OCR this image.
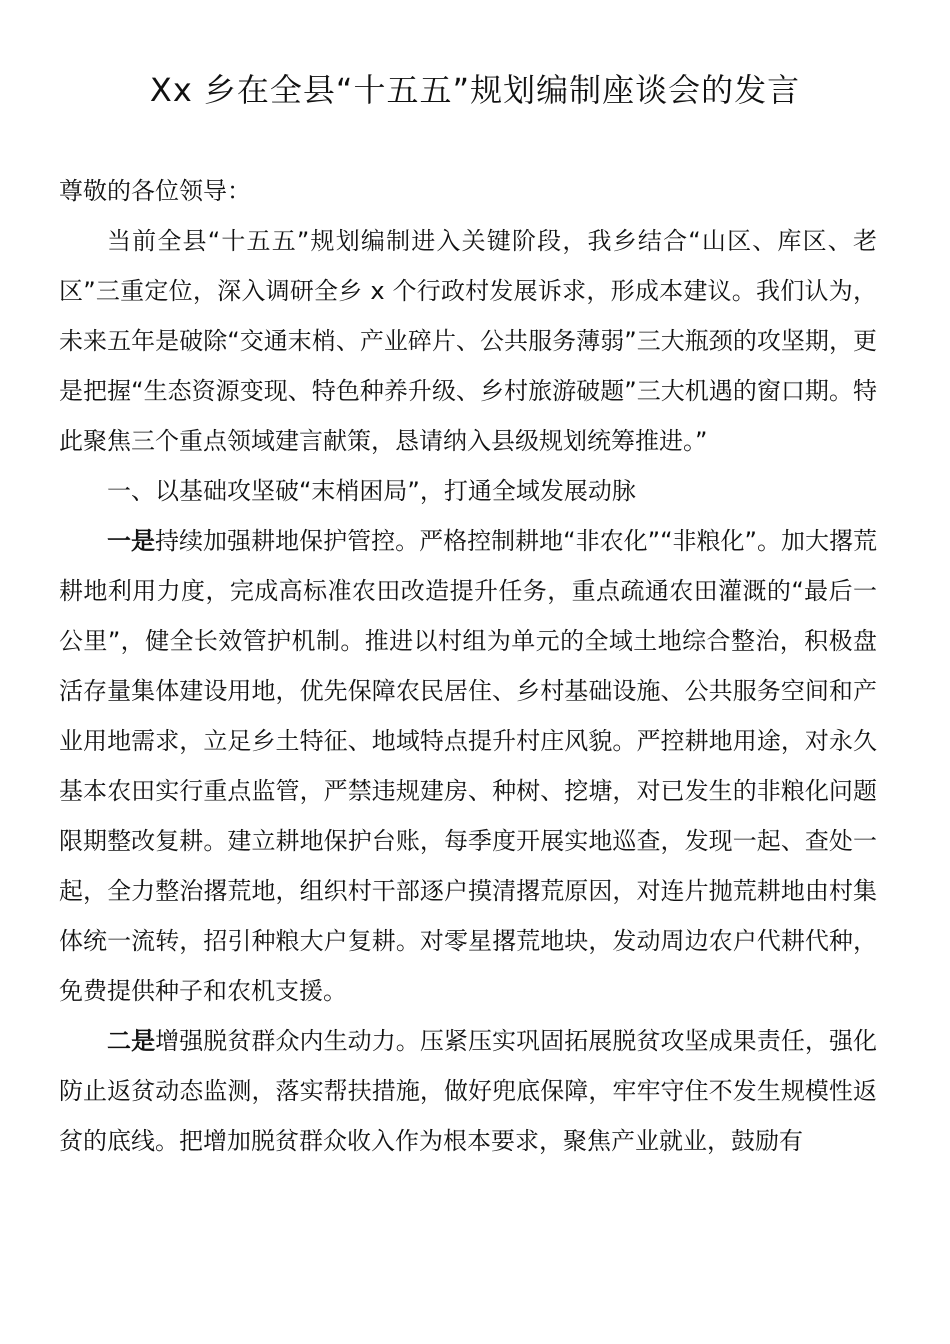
Xx 乡在全县“十五五”规划编制座谈会的发言
尊敬的各位领导：

当前全县“十五五”规划编制进入关键阶段，我乡结合“山区、库区、老区”三重定位，深入调研全乡 x 个行政村发展诉求，形成本建议。我们认为，未来五年是破除“交通末梢、产业碎片、公共服务薄弱”三大瓶颈的攻坚期，更是把握“生态资源变现、特色种养升级、乡村旅游破题”三大机遇的窗口期。特此聚焦三个重点领域建言献策，恳请纳入县级规划统筹推进。”

一、以基础攻坚破“末梢困局”，打通全域发展动脉

一是持续加强耕地保护管控。严格控制耕地“非农化”“非粮化”。加大撂荒耕地利用力度，完成高标准农田改造提升任务，重点疏通农田灌溉的“最后一公里”，健全长效管护机制。推进以村组为单元的全域土地综合整治，积极盘活存量集体建设用地，优先保障农民居住、乡村基础设施、公共服务空间和产业用地需求，立足乡土特征、地域特点提升村庄风貌。严控耕地用途，对永久基本农田实行重点监管，严禁违规建房、种树、挖塘，对已发生的非粮化问题限期整改复耕。建立耕地保护台账，每季度开展实地巡查，发现一起、查处一起，全力整治撂荒地，组织村干部逐户摸清撂荒原因，对连片抛荒耕地由村集体统一流转，招引种粮大户复耕。对零星撂荒地块，发动周边农户代耕代种，免费提供种子和农机支援。

二是增强脱贫群众内生动力。压紧压实巩固拓展脱贫攻坚成果责任，强化防止返贫动态监测，落实帮扶措施，做好兜底保障，牢牢守住不发生规模性返贫的底线。把增加脱贫群众收入作为根本要求，聚焦产业就业，鼓励有
